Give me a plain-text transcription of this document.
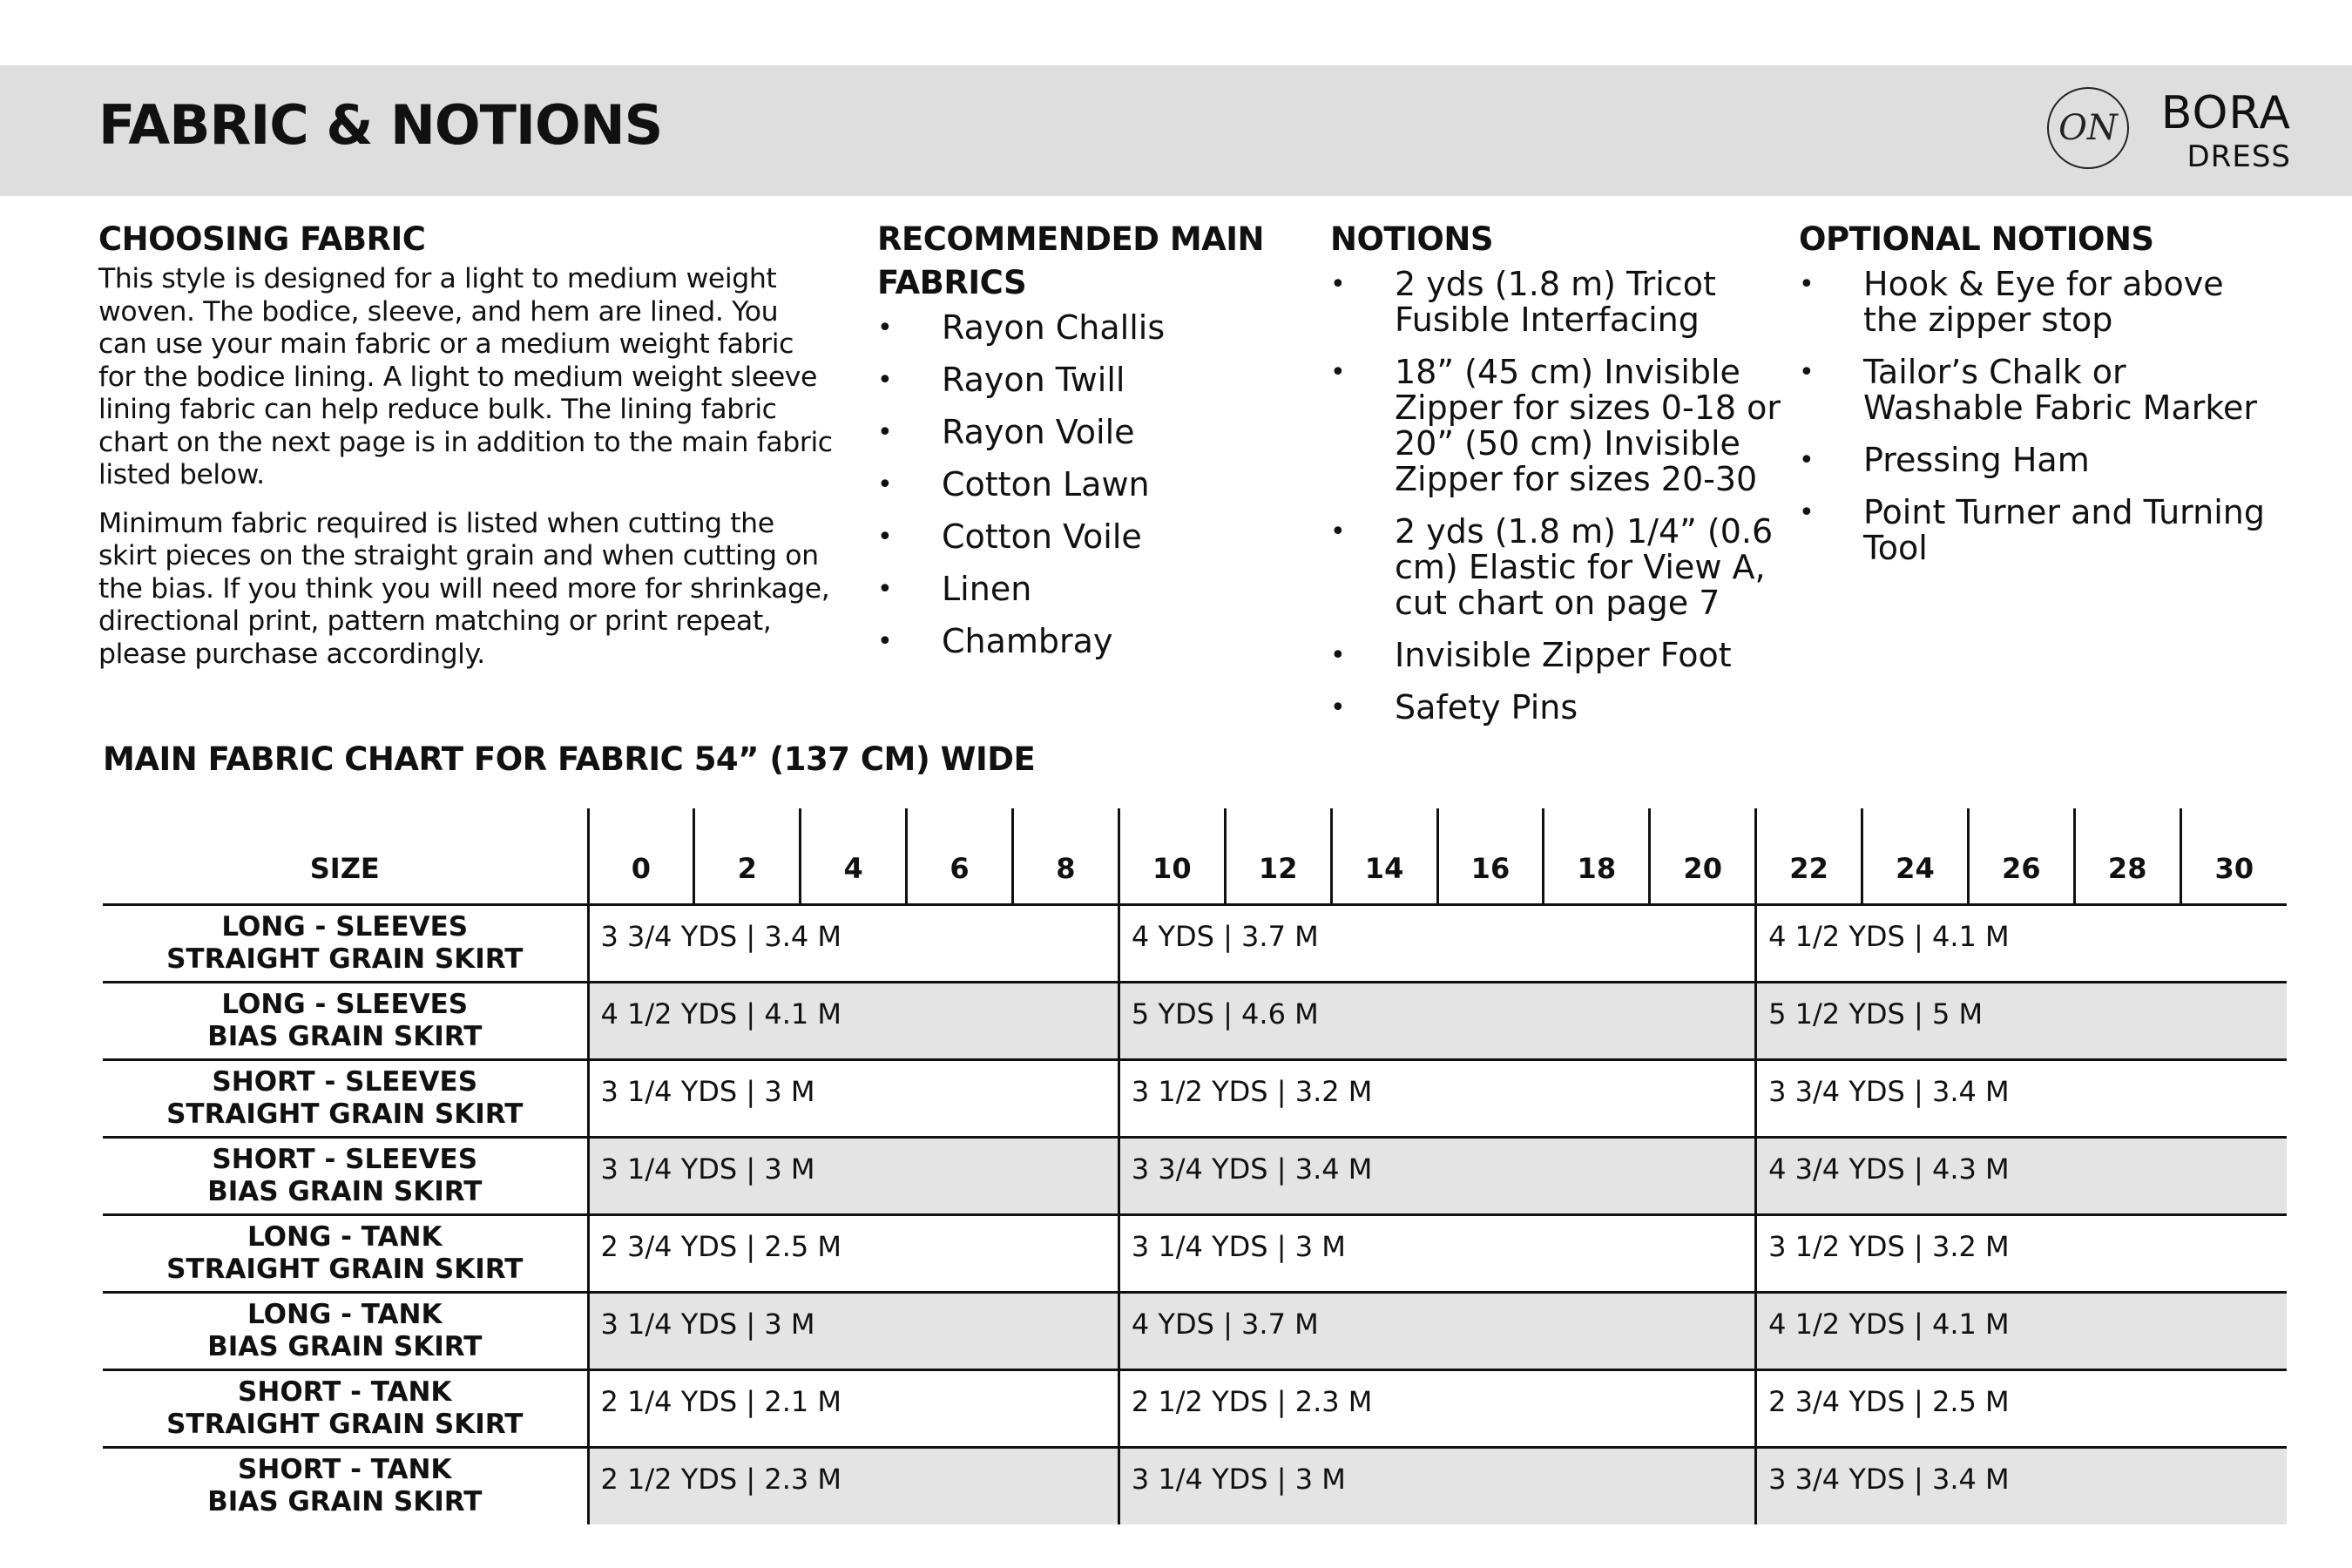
FABRIC & NOTIONS	ON BORA
DRESS
CHOOSING FABRIC

This style is designed for a light to medium weight woven. The bodice, sleeve, and hem are lined. You can use your main fabric or a medium weight fabric for the bodice lining. A light to medium weight sleeve lining fabric can help reduce bulk. The lining fabric chart on the next page is in addition to the main fabric listed below.

Minimum fabric required is listed when cutting the skirt pieces on the straight grain and when cutting on the bias. If you think you will need more for shrinkage, directional print, pattern matching or print repeat, please purchase accordingly.

RECOMMENDED MAIN FABRICS
• Rayon Challis
• Rayon Twill
• Rayon Voile
• Cotton Lawn
• Cotton Voile
• Linen
• Chambray
NOTIONS
• 2 yds (1.8 m) Tricot Fusible Interfacing
• 18” (45 cm) Invisible Zipper for sizes 0-18 or 20” (50 cm) Invisible Zipper for sizes 20-30
• 2 yds (1.8 m) 1/4” (0.6 cm) Elastic for View A, cut chart on page 7
• Invisible Zipper Foot
• Safety Pins
OPTIONAL NOTIONS
• Hook & Eye for above the zipper stop
• Tailor’s Chalk or Washable Fabric Marker
• Pressing Ham
• Point Turner and Turning Tool
MAIN FABRIC CHART FOR FABRIC 54” (137 CM) WIDE
SIZE	0	2	4	6	8	10	12	14	16	18	20	22	24	26	28	30
LONG - SLEEVES
STRAIGHT GRAIN SKIRT	3 3/4 YDS | 3.4 M					4 YDS | 3.7 M						4 1/2 YDS | 4.1 M				
LONG - SLEEVES
BIAS GRAIN SKIRT	4 1/2 YDS | 4.1 M					5 YDS | 4.6 M						5 1/2 YDS | 5 M				
SHORT - SLEEVES
STRAIGHT GRAIN SKIRT	3 1/4 YDS | 3 M					3 1/2 YDS | 3.2 M						3 3/4 YDS | 3.4 M				
SHORT - SLEEVES
BIAS GRAIN SKIRT	3 1/4 YDS | 3 M					3 3/4 YDS | 3.4 M						4 3/4 YDS | 4.3 M				
LONG - TANK
STRAIGHT GRAIN SKIRT	2 3/4 YDS | 2.5 M					3 1/4 YDS | 3 M						3 1/2 YDS | 3.2 M				
LONG - TANK
BIAS GRAIN SKIRT	3 1/4 YDS | 3 M					4 YDS | 3.7 M						4 1/2 YDS | 4.1 M				
SHORT - TANK
STRAIGHT GRAIN SKIRT	2 1/4 YDS | 2.1 M					2 1/2 YDS | 2.3 M						2 3/4 YDS | 2.5 M				
SHORT - TANK
BIAS GRAIN SKIRT	2 1/2 YDS | 2.3 M					3 1/4 YDS | 3 M						3 3/4 YDS | 3.4 M				
